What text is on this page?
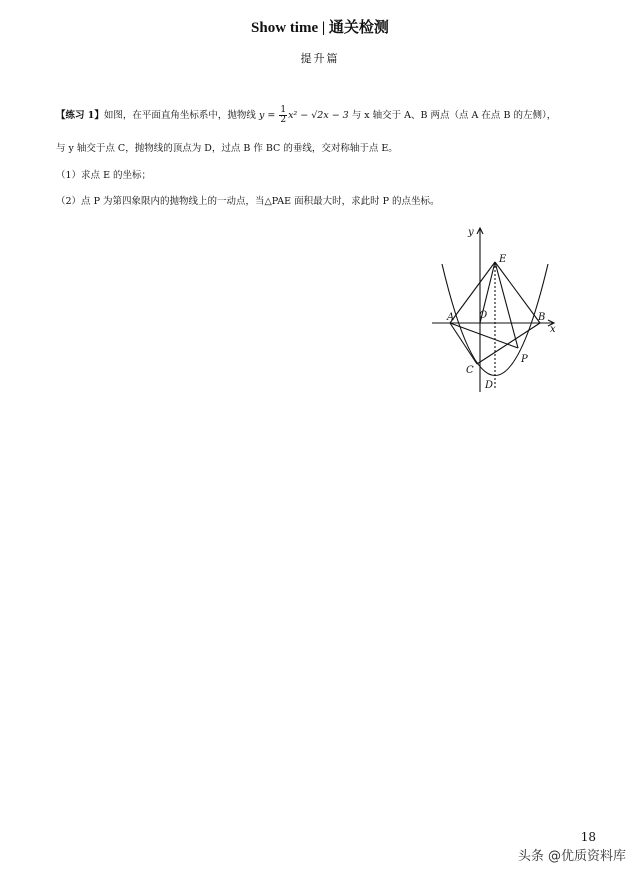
Show time | 通关检测
提升篇
【练习 1】如图，在平面直角坐标系中，抛物线 $y = \frac{1}{2} x^2 - √2x - 3$ 与 x 轴交于 A、B 两点（点 A 在点 B 的左侧），
与 y 轴交于点 C，抛物线的顶点为 D，过点 B 作 BC 的垂线，交对称轴于点 E。
（1）求点 E 的坐标；
（2）点 P 为第四象限内的抛物线上的一动点，当△PAE 面积最大时，求此时 P 的点坐标。
y
x
E
A O	B
P
C
D
18
头条 @优质资料库
